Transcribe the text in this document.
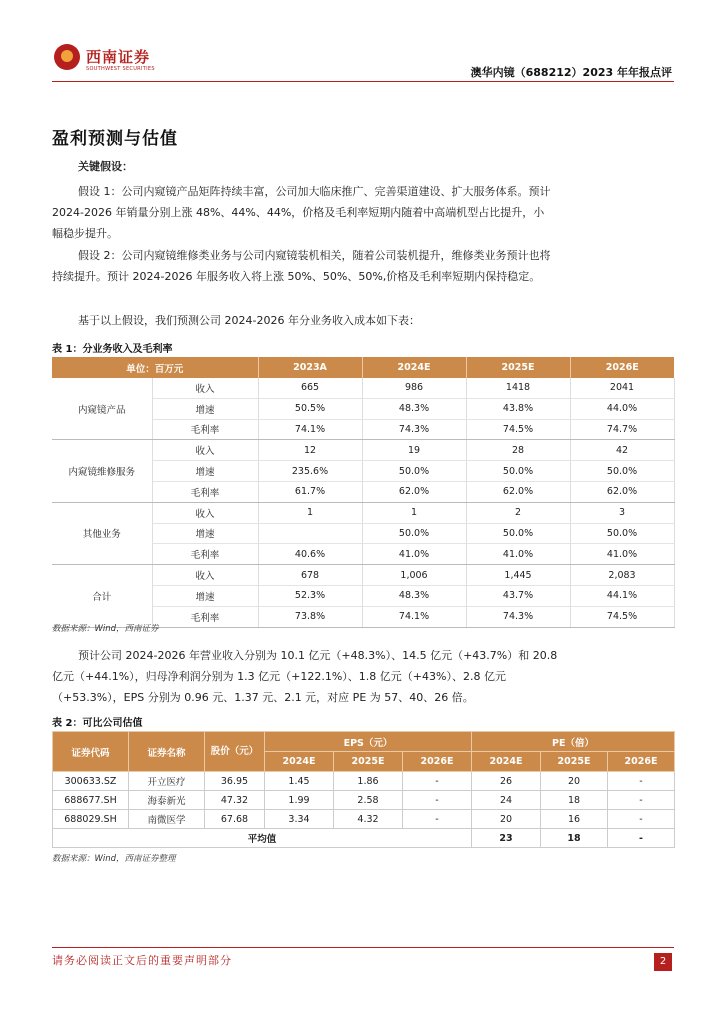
西南证券
SOUTHWEST SECURITIES	澳华内镜（688212）2023 年年报点评
盈利预测与估值
关键假设：
假设 1：公司内窥镜产品矩阵持续丰富，公司加大临床推广、完善渠道建设、扩大服务体系。预计 2024-2026 年销量分别上涨 48%、44%、44%，价格及毛利率短期内随着中高端机型占比提升，小幅稳步提升。
假设 2：公司内窥镜维修类业务与公司内窥镜装机相关，随着公司装机提升，维修类业务预计也将持续提升。预计 2024-2026 年服务收入将上涨 50%、50%、50%,价格及毛利率短期内保持稳定。
基于以上假设，我们预测公司 2024-2026 年分业务收入成本如下表：
表 1：分业务收入及毛利率
单位：百万元		2023A	2024E	2025E	2026E
内窥镜产品	收入	665	986	1418	2041
	增速	50.5%	48.3%	43.8%	44.0%
	毛利率	74.1%	74.3%	74.5%	74.7%
内窥镜维修服务	收入	12	19	28	42
	增速	235.6%	50.0%	50.0%	50.0%
	毛利率	61.7%	62.0%	62.0%	62.0%
其他业务	收入	1	1	2	3
	增速		50.0%	50.0%	50.0%
	毛利率	40.6%	41.0%	41.0%	41.0%
合计	收入	678	1,006	1,445	2,083
	增速	52.3%	48.3%	43.7%	44.1%
	毛利率	73.8%	74.1%	74.3%	74.5%
数据来源：Wind，西南证券
预计公司 2024-2026 年营业收入分别为 10.1 亿元（+48.3%）、14.5 亿元（+43.7%）和 20.8 亿元（+44.1%），归母净利润分别为 1.3 亿元（+122.1%）、1.8 亿元（+43%）、2.8 亿元（+53.3%），EPS 分别为 0.96 元、1.37 元、2.1 元，对应 PE 为 57、40、26 倍。
表 2：可比公司估值
证券代码	证券名称	股价（元）	EPS（元）			PE（倍）		
			2024E	2025E	2026E	2024E	2025E	2026E
300633.SZ	开立医疗	36.95	1.45	1.86	-	26	20	-
688677.SH	海泰新光	47.32	1.99	2.58	-	24	18	-
688029.SH	南微医学	67.68	3.34	4.32	-	20	16	-
平均值						23	18	-
数据来源：Wind，西南证券整理
请务必阅读正文后的重要声明部分	2
